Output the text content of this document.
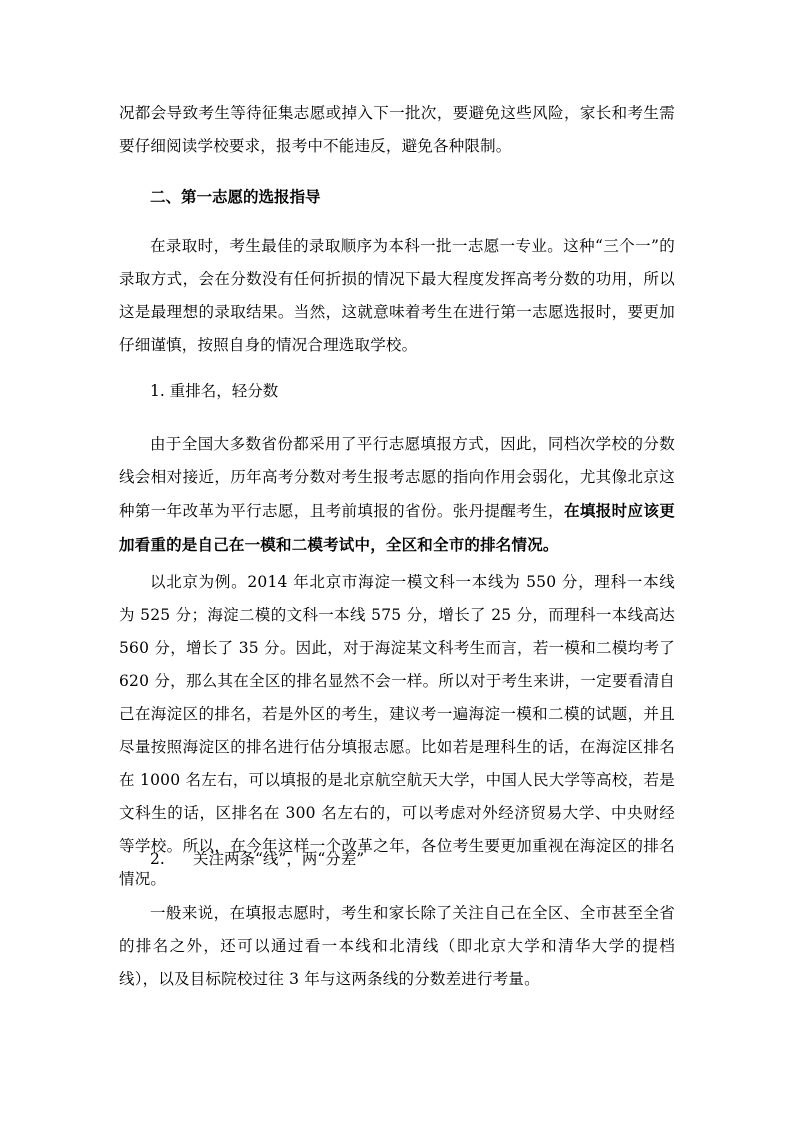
况都会导致考生等待征集志愿或掉入下一批次，要避免这些风险，家长和考生需要仔细阅读学校要求，报考中不能违反，避免各种限制。

二、第一志愿的选报指导

在录取时，考生最佳的录取顺序为本科一批一志愿一专业。这种“三个一”的录取方式，会在分数没有任何折损的情况下最大程度发挥高考分数的功用，所以这是最理想的录取结果。当然，这就意味着考生在进行第一志愿选报时，要更加仔细谨慎，按照自身的情况合理选取学校。

1. 重排名，轻分数

由于全国大多数省份都采用了平行志愿填报方式，因此，同档次学校的分数线会相对接近，历年高考分数对考生报考志愿的指向作用会弱化，尤其像北京这种第一年改革为平行志愿，且考前填报的省份。张丹提醒考生，在填报时应该更加看重的是自己在一模和二模考试中，全区和全市的排名情况。

以北京为例。2014 年北京市海淀一模文科一本线为 550 分，理科一本线为 525 分；海淀二模的文科一本线 575 分，增长了 25 分，而理科一本线高达 560 分，增长了 35 分。因此，对于海淀某文科考生而言，若一模和二模均考了 620 分，那么其在全区的排名显然不会一样。所以对于考生来讲，一定要看清自己在海淀区的排名，若是外区的考生，建议考一遍海淀一模和二模的试题，并且尽量按照海淀区的排名进行估分填报志愿。比如若是理科生的话，在海淀区排名在 1000 名左右，可以填报的是北京航空航天大学，中国人民大学等高校，若是文科生的话，区排名在 300 名左右的，可以考虑对外经济贸易大学、中央财经等学校。所以，在今年这样一个改革之年，各位考生要更加重视在海淀区的排名情况。

2. 关注两条“线”，两“分差”

一般来说，在填报志愿时，考生和家长除了关注自己在全区、全市甚至全省的排名之外，还可以通过看一本线和北清线（即北京大学和清华大学的提档线），以及目标院校过往 3 年与这两条线的分数差进行考量。
